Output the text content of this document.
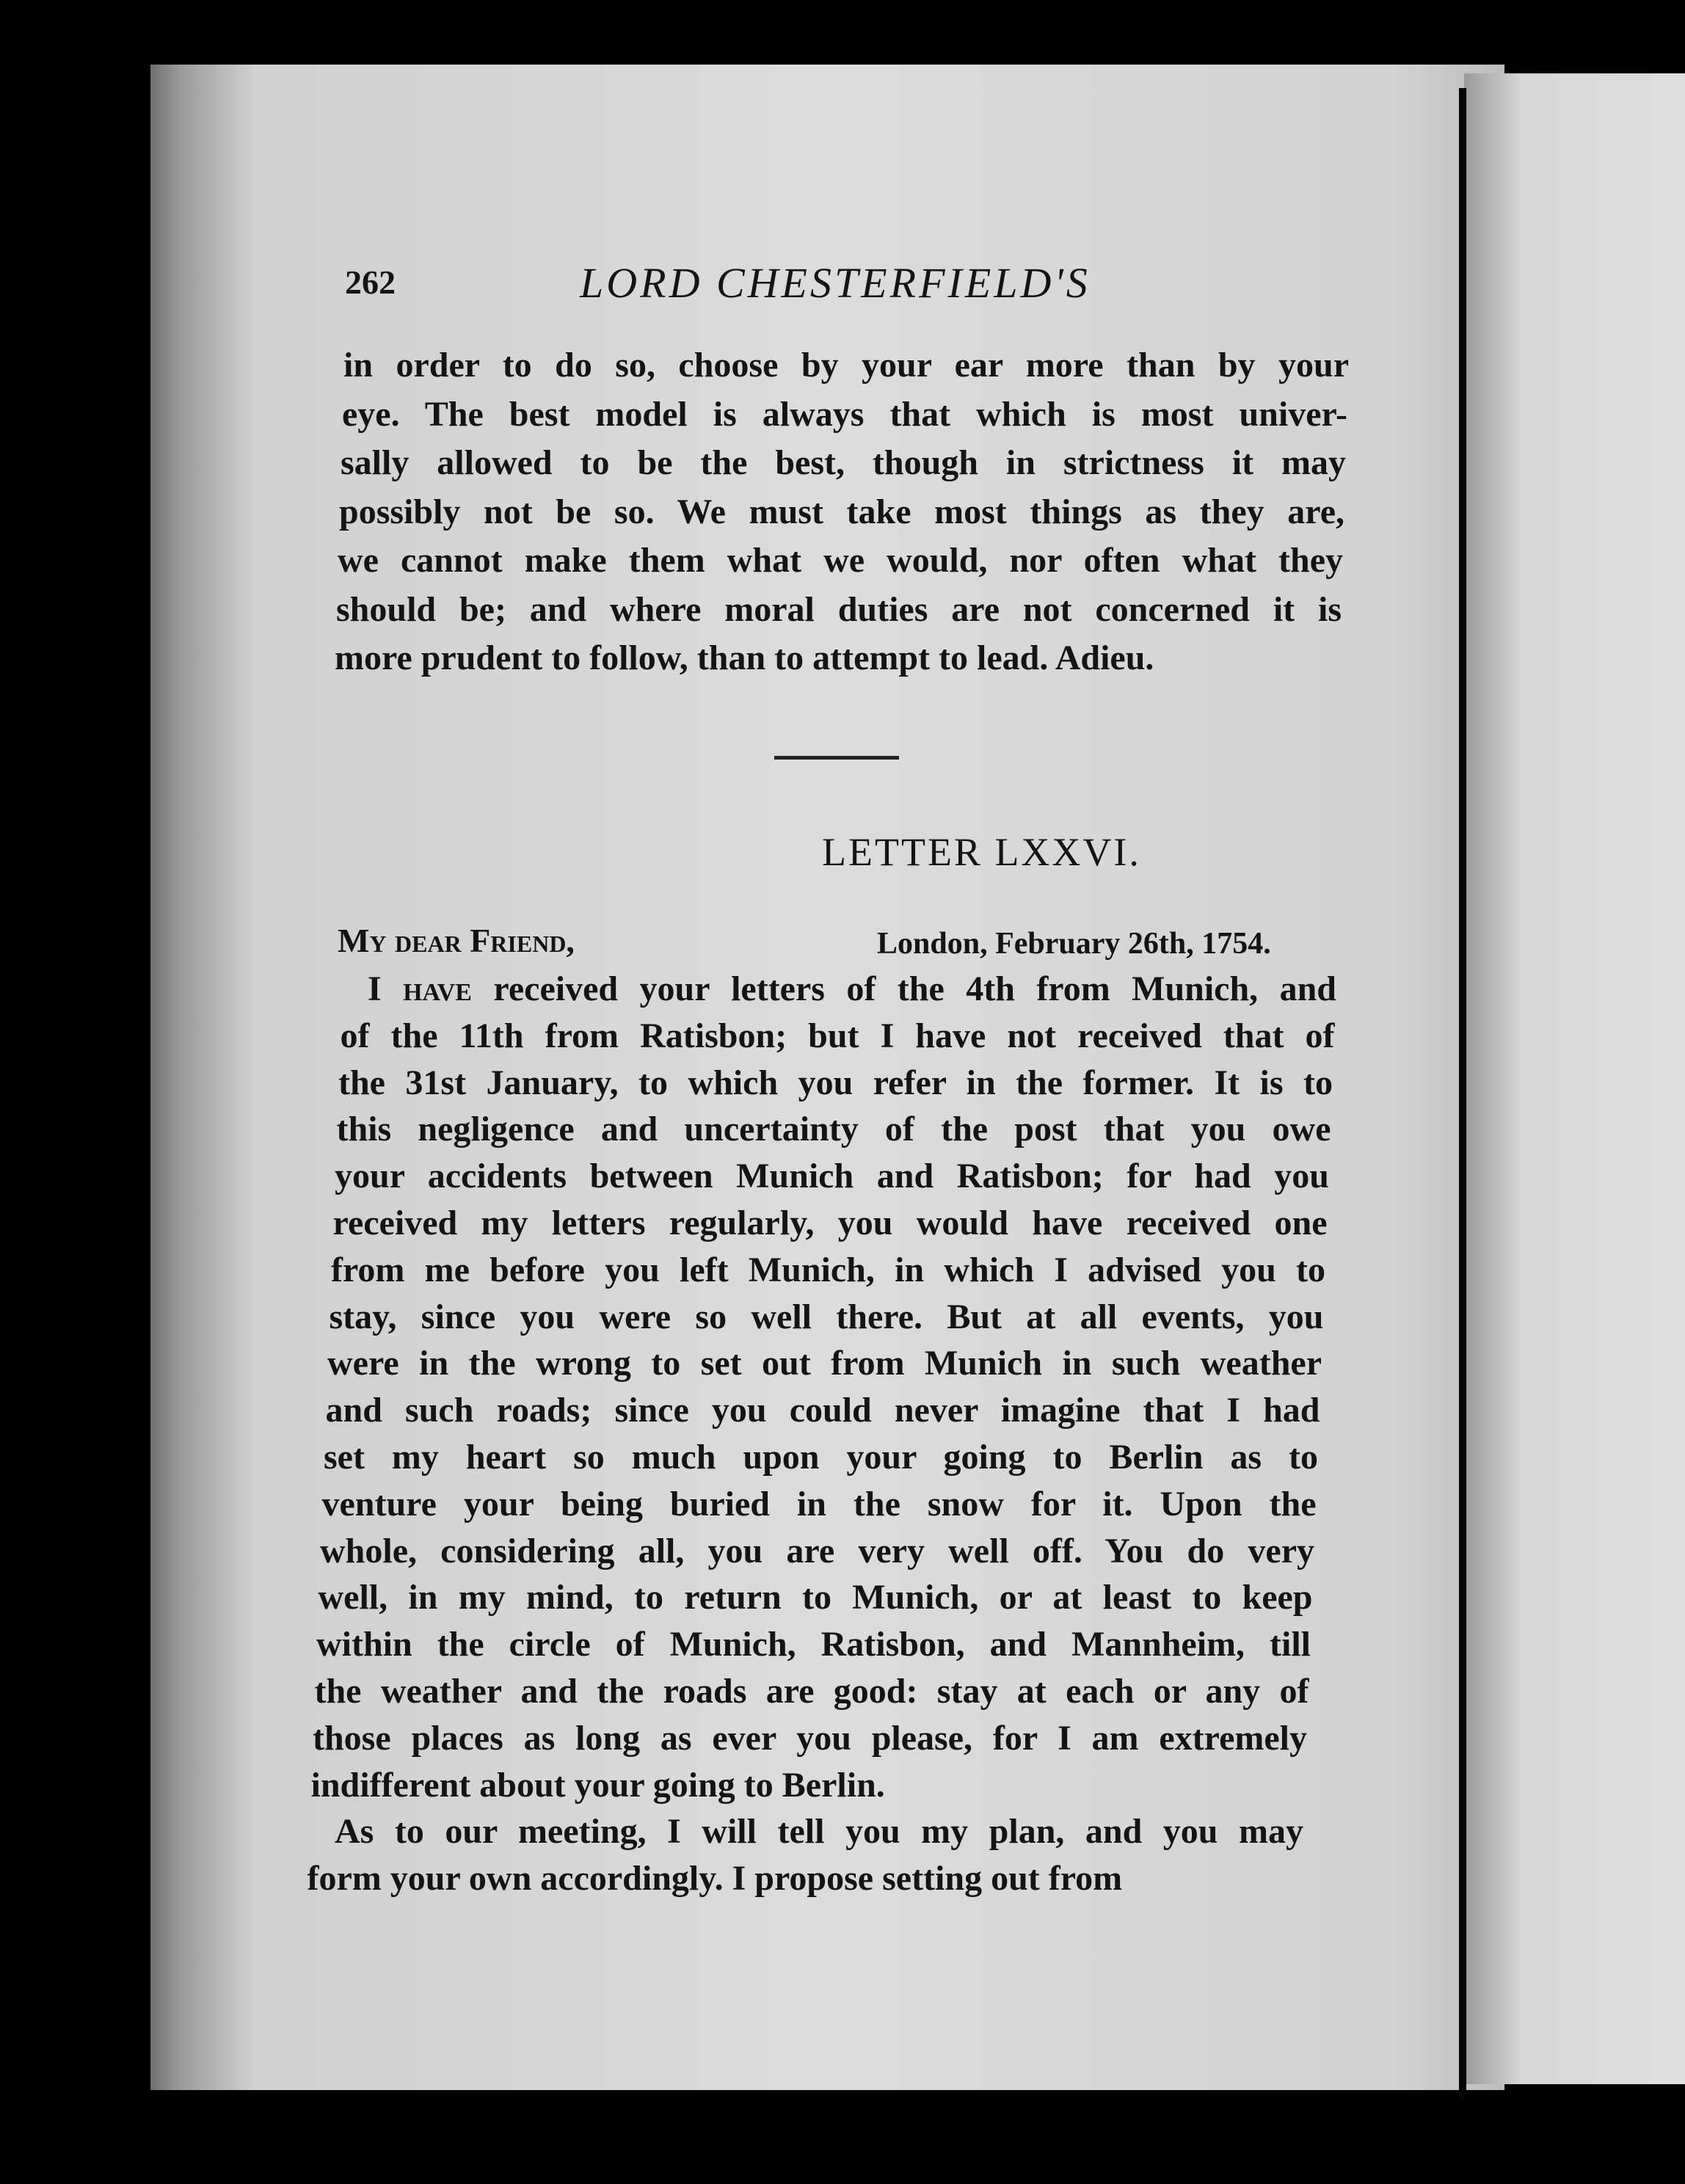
262	LORD CHESTERFIELD'S
in order to do so, choose by your ear more than by your
eye. The best model is always that which is most univer-
sally allowed to be the best, though in strictness it may
possibly not be so. We must take most things as they are,
we cannot make them what we would, nor often what they
should be; and where moral duties are not concerned it is
more prudent to follow, than to attempt to lead. Adieu.
LETTER LXXVI.
My dear Friend,	London, February 26th, 1754.
I have received your letters of the 4th from Munich, and
of the 11th from Ratisbon; but I have not received that of
the 31st January, to which you refer in the former. It is to
this negligence and uncertainty of the post that you owe
your accidents between Munich and Ratisbon; for had you
received my letters regularly, you would have received one
from me before you left Munich, in which I advised you to
stay, since you were so well there. But at all events, you
were in the wrong to set out from Munich in such weather
and such roads; since you could never imagine that I had
set my heart so much upon your going to Berlin as to
venture your being buried in the snow for it. Upon the
whole, considering all, you are very well off. You do very
well, in my mind, to return to Munich, or at least to keep
within the circle of Munich, Ratisbon, and Mannheim, till
the weather and the roads are good: stay at each or any of
those places as long as ever you please, for I am extremely
indifferent about your going to Berlin.
As to our meeting, I will tell you my plan, and you may
form your own accordingly. I propose setting out from
